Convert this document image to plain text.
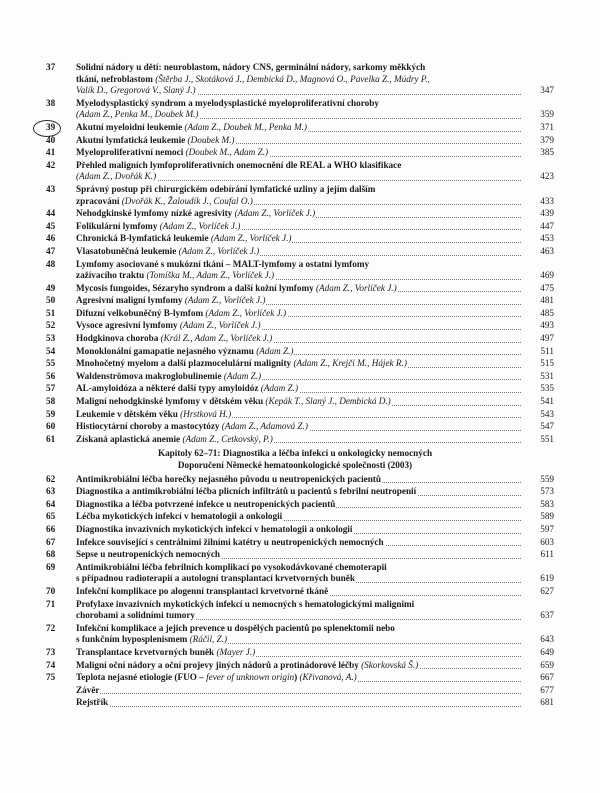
37	Solidní nádory u dětí: neuroblastom, nádory CNS, germinální nádory, sarkomy měkkých
tkání, nefroblastom (Štěrba J., Skotáková J., Dembická D., Magnová O., Pavelka Z., Múdry P.,
Valík D., Gregorová V., Slaný J.)	347
38	Myelodysplastický syndrom a myelodysplastické myeloproliferativní choroby
(Adam Z., Penka M., Doubek M.)	359
39	Akutní myeloidní leukemie (Adam Z., Doubek M., Penka M.)	371
40	Akutní lymfatická leukemie (Doubek M.)	379
41	Myeloproliferativní nemoci (Doubek M., Adam Z.)	385
42	Přehled maligních lymfoproliferativních onemocnění dle REAL a WHO klasifikace
(Adam Z., Dvořák K.)	423
43	Správný postup při chirurgickém odebírání lymfatické uzliny a jejím dalším
zpracování (Dvořák K., Žaloudík J., Coufal O.)	433
44	Nehodgkinské lymfomy nízké agresivity (Adam Z., Vorlíček J.)	439
45	Folikulární lymfomy (Adam Z., Vorlíček J.)	447
46	Chronická B-lymfatická leukemie (Adam Z., Vorlíček J.)	453
47	Vlasatobuněčná leukemie (Adam Z., Vorlíček J.)	463
48	Lymfomy asociované s mukózní tkání – MALT-lymfomy a ostatní lymfomy
zažívacího traktu (Tomíška M., Adam Z., Vorlíček J.)	469
49	Mycosis fungoides, Sézaryho syndrom a další kožní lymfomy (Adam Z., Vorlíček J.)	475
50	Agresivní maligní lymfomy (Adam Z., Vorlíček J.)	481
51	Difuzní velkobuněčný B-lymfom (Adam Z., Vorlíček J.)	485
52	Vysoce agresivní lymfomy (Adam Z., Vorlíček J.)	493
53	Hodgkinova choroba (Král Z., Adam Z., Vorlíček J.)	497
54	Monoklonální gamapatie nejasného významu (Adam Z.)	511
55	Mnohočetný myelom a další plazmocelulární malignity (Adam Z., Krejčí M., Hájek R.)	515
56	Waldenströmova makroglobulinemie (Adam Z.)	531
57	AL-amyloidóza a některé další typy amyloidóz (Adam Z.)	535
58	Maligní nehodgkinské lymfomy v dětském věku (Kepák T., Slaný J., Dembická D.)	541
59	Leukemie v dětském věku (Hrstková H.)	543
60	Histiocytární choroby a mastocytózy (Adam Z., Adamová Z.)	547
61	Získaná aplastická anemie (Adam Z., Cetkovský, P.)	551
Kapitoly 62–71: Diagnostika a léčba infekcí u onkologicky nemocných
Doporučení Německé hematoonkologické společnosti (2003)
62	Antimikrobiální léčba horečky nejasného původu u neutropenických pacientů	559
63	Diagnostika a antimikrobiální léčba plicních infiltrátů u pacientů s febrilní neutropenií	573
64	Diagnostika a léčba potvrzené infekce u neutropenických pacientů	583
65	Léčba mykotických infekcí v hematologii a onkologii	589
66	Diagnostika invazivních mykotických infekcí v hematologii a onkologii	597
67	Infekce související s centrálními žilními katétry u neutropenických nemocných	603
68	Sepse u neutropenických nemocných	611
69	Antimikrobiální léčba febrilních komplikací po vysokodávkované chemoterapii
s případnou radioterapií a autologní transplantací krvetvorných buněk	619
70	Infekční komplikace po alogenní transplantaci krvetvorné tkáně	627
71	Profylaxe invazivních mykotických infekcí u nemocných s hematologickými malignimi
chorobami a solidními tumory	637
72	Infekční komplikace a jejich prevence u dospělých pacientů po splenektomii nebo
s funkčním hyposplenismem (Ráčil, Z.)	643
73	Transplantace krvetvorných buněk (Mayer J.)	649
74	Maligní oční nádory a oční projevy jiných nádorů a protinádorové léčby (Skorkovská Š.)	659
75	Teplota nejasné etiologie (FUO – fever of unknown origin) (Křivanová, A.)	667
Závěr	677
Rejstřík	681
